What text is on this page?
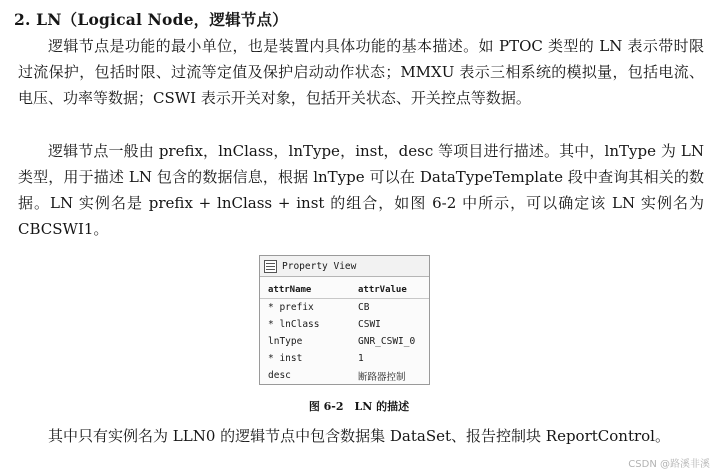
2. LN（Logical Node，逻辑节点）

逻辑节点是功能的最小单位，也是装置内具体功能的基本描述。如 PTOC 类型的 LN 表示带时限过流保护，包括时限、过流等定值及保护启动动作状态；MMXU 表示三相系统的模拟量，包括电流、电压、功率等数据；CSWI 表示开关对象，包括开关状态、开关控点等数据。

逻辑节点一般由 prefix，lnClass，lnType，inst，desc 等项目进行描述。其中，lnType 为 LN 类型，用于描述 LN 包含的数据信息，根据 lnType 可以在 DataTypeTemplate 段中查询其相关的数据。LN 实例名是 prefix + lnClass + inst 的组合，如图 6-2 中所示，可以确定该 LN 实例名为 CBCSWI1。

Property View
attrName	attrValue
* prefix	CB
* lnClass	CSWI
lnType	GNR_CSWI_0
* inst	1
desc	断路器控制
图 6-2　LN 的描述

其中只有实例名为 LLN0 的逻辑节点中包含数据集 DataSet、报告控制块 ReportControl。

CSDN @路溪非溪
